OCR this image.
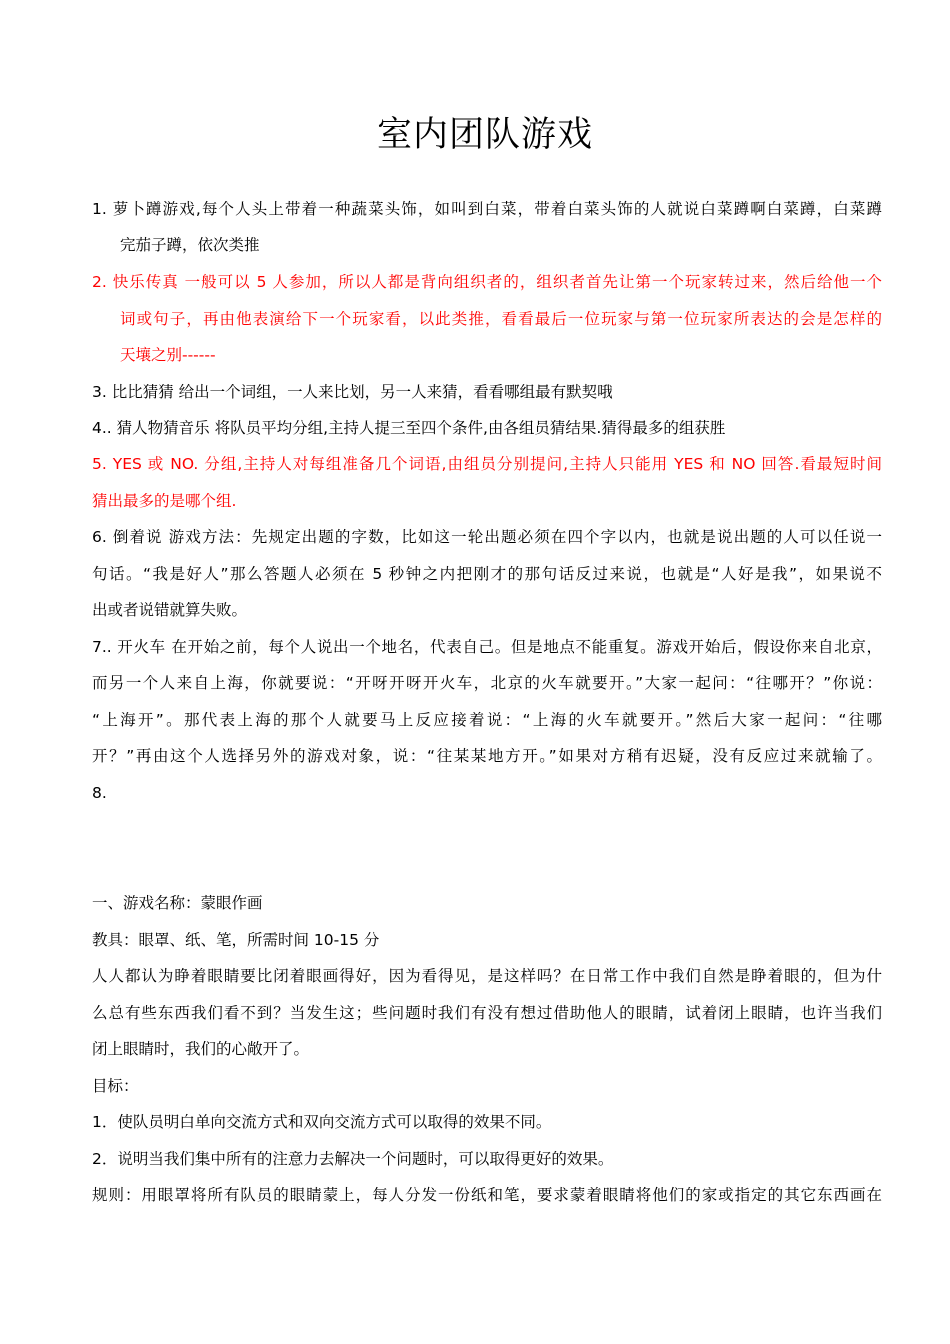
室内团队游戏
1. 萝卜蹲游戏,每个人头上带着一种蔬菜头饰，如叫到白菜，带着白菜头饰的人就说白菜蹲啊白菜蹲，白菜蹲
完茄子蹲，依次类推
2. 快乐传真 一般可以 5 人参加，所以人都是背向组织者的，组织者首先让第一个玩家转过来，然后给他一个
词或句子，再由他表演给下一个玩家看，以此类推，看看最后一位玩家与第一位玩家所表达的会是怎样的
天壤之别------
3. 比比猜猜 给出一个词组，一人来比划，另一人来猜，看看哪组最有默契哦
4.. 猜人物猜音乐 将队员平均分组,主持人提三至四个条件,由各组员猜结果.猜得最多的组获胜
5. YES 或 NO. 分组,主持人对每组准备几个词语,由组员分别提问,主持人只能用 YES 和 NO 回答.看最短时间
猜出最多的是哪个组.
6. 倒着说 游戏方法：先规定出题的字数，比如这一轮出题必须在四个字以内，也就是说出题的人可以任说一
句话。“我是好人”那么答题人必须在 5 秒钟之内把刚才的那句话反过来说，也就是“人好是我”，如果说不
出或者说错就算失败。
7.. 开火车 在开始之前，每个人说出一个地名，代表自己。但是地点不能重复。游戏开始后，假设你来自北京，
而另一个人来自上海，你就要说：“开呀开呀开火车，北京的火车就要开。”大家一起问：“往哪开？”你说：
“上海开”。那代表上海的那个人就要马上反应接着说：“上海的火车就要开。”然后大家一起问：“往哪
开？”再由这个人选择另外的游戏对象，说：“往某某地方开。”如果对方稍有迟疑，没有反应过来就输了。
8.
一、游戏名称：蒙眼作画
教具：眼罩、纸、笔，所需时间 10-15 分
人人都认为睁着眼睛要比闭着眼画得好，因为看得见，是这样吗？在日常工作中我们自然是睁着眼的，但为什
么总有些东西我们看不到？当发生这；些问题时我们有没有想过借助他人的眼睛，试着闭上眼睛，也许当我们
闭上眼睛时，我们的心敞开了。
目标：
1．使队员明白单向交流方式和双向交流方式可以取得的效果不同。
2．说明当我们集中所有的注意力去解决一个问题时，可以取得更好的效果。
规则：用眼罩将所有队员的眼睛蒙上，每人分发一份纸和笔，要求蒙着眼睛将他们的家或指定的其它东西画在
